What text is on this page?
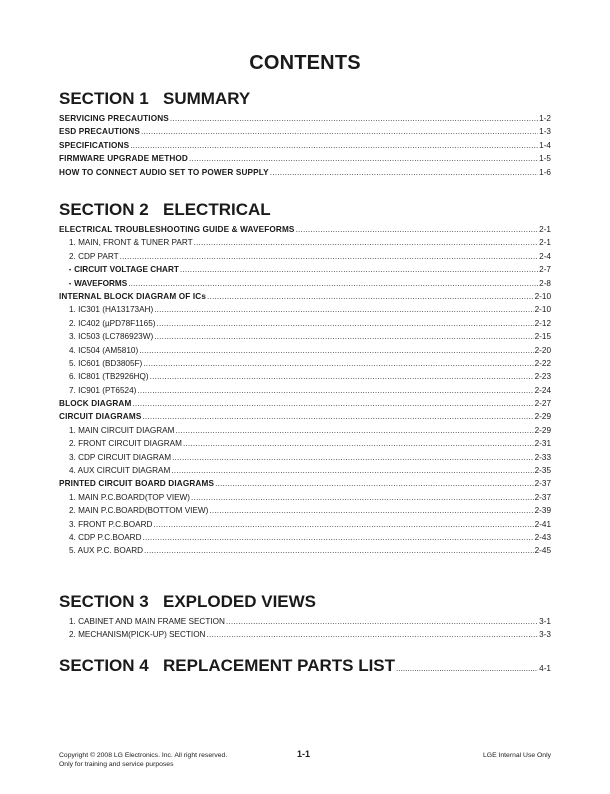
CONTENTS
SECTION 1 SUMMARY
SERVICING PRECAUTIONS .....	1-2
ESD PRECAUTIONS .....	1-3
SPECIFICATIONS .....	1-4
FIRMWARE UPGRADE METHOD .....	1-5
HOW TO CONNECT AUDIO SET TO POWER SUPPLY .....	1-6
SECTION 2 ELECTRICAL
ELECTRICAL TROUBLESHOOTING GUIDE & WAVEFORMS .....	2-1
1. MAIN, FRONT & TUNER PART .....	2-1
2. CDP PART .....	2-4
• CIRCUIT VOLTAGE CHART .....	2-7
• WAVEFORMS .....	2-8
INTERNAL BLOCK DIAGRAM OF ICs .....	2-10
1. IC301 (HA13173AH) .....	2-10
2. IC402 (µPD78F1165) .....	2-12
3. IC503 (LC786923W) .....	2-15
4. IC504 (AM5810) .....	2-20
5. IC601 (BD3805F) .....	2-22
6. IC801 (TB2926HQ) .....	2-23
7. IC901 (PT6524) .....	2-24
BLOCK DIAGRAM .....	2-27
CIRCUIT DIAGRAMS .....	2-29
1. MAIN CIRCUIT DIAGRAM .....	2-29
2. FRONT CIRCUIT DIAGRAM .....	2-31
3. CDP CIRCUIT DIAGRAM .....	2-33
4. AUX CIRCUIT DIAGRAM .....	2-35
PRINTED CIRCUIT BOARD DIAGRAMS .....	2-37
1. MAIN P.C.BOARD(TOP VIEW) .....	2-37
2. MAIN P.C.BOARD(BOTTOM VIEW) .....	2-39
3. FRONT P.C.BOARD .....	2-41
4. CDP P.C.BOARD .....	2-43
5. AUX P.C. BOARD .....	2-45
SECTION 3 EXPLODED VIEWS
1. CABINET AND MAIN FRAME SECTION .....	3-1
2. MECHANISM(PICK-UP) SECTION .....	3-3
SECTION 4 REPLACEMENT PARTS LIST .....	4-1
Copyright © 2008 LG Electronics. Inc. All right reserved.
Only for training and service purposes
1-1	LGE Internal Use Only
